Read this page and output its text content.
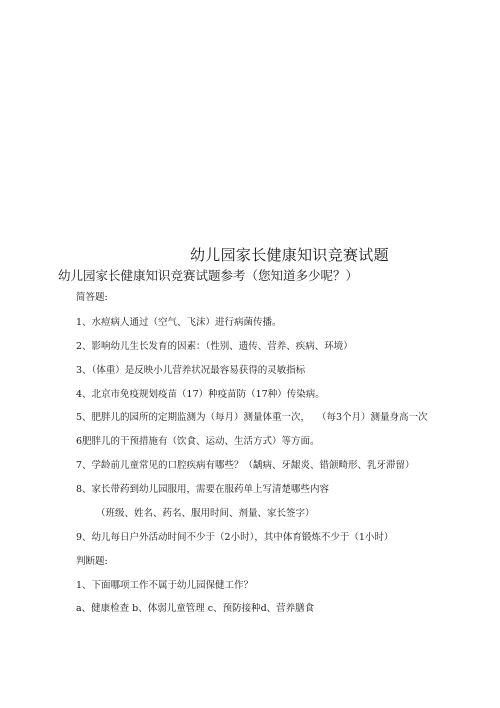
幼儿园家长健康知识竞赛试题
幼儿园家长健康知识竞赛试题参考（您知道多少呢？）
简答题:
1、水痘病人通过（空气、飞沫）进行病菌传播。
2、影响幼儿生长发育的因素：（性别、遗传、营养、疾病、环境）
3、（体重）是反映小儿营养状况最容易获得的灵敏指标
4、北京市免疫规划疫苗（17）种疫苗防（17种）传染病。
5、肥胖儿的园所的定期监测为（每月）测量体重一次， （每3个月）测量身高一次
6肥胖儿的干预措施有（饮食、运动、生活方式）等方面。
7、学龄前儿童常见的口腔疾病有哪些？（龋病、牙龈炎、错颌畸形、乳牙滞留）
8、家长带药到幼儿园服用，需要在服药单上写清楚哪些内容
（班级、姓名、药名、服用时间、剂量、家长签字）
9、幼儿每日户外活动时间不少于（2小时），其中体育锻炼不少于（1小时）
判断题:
1、下面哪项工作不属于幼儿园保健工作？
a、健康检查 b、体弱儿童管理 c、预防接种d、营养膳食
